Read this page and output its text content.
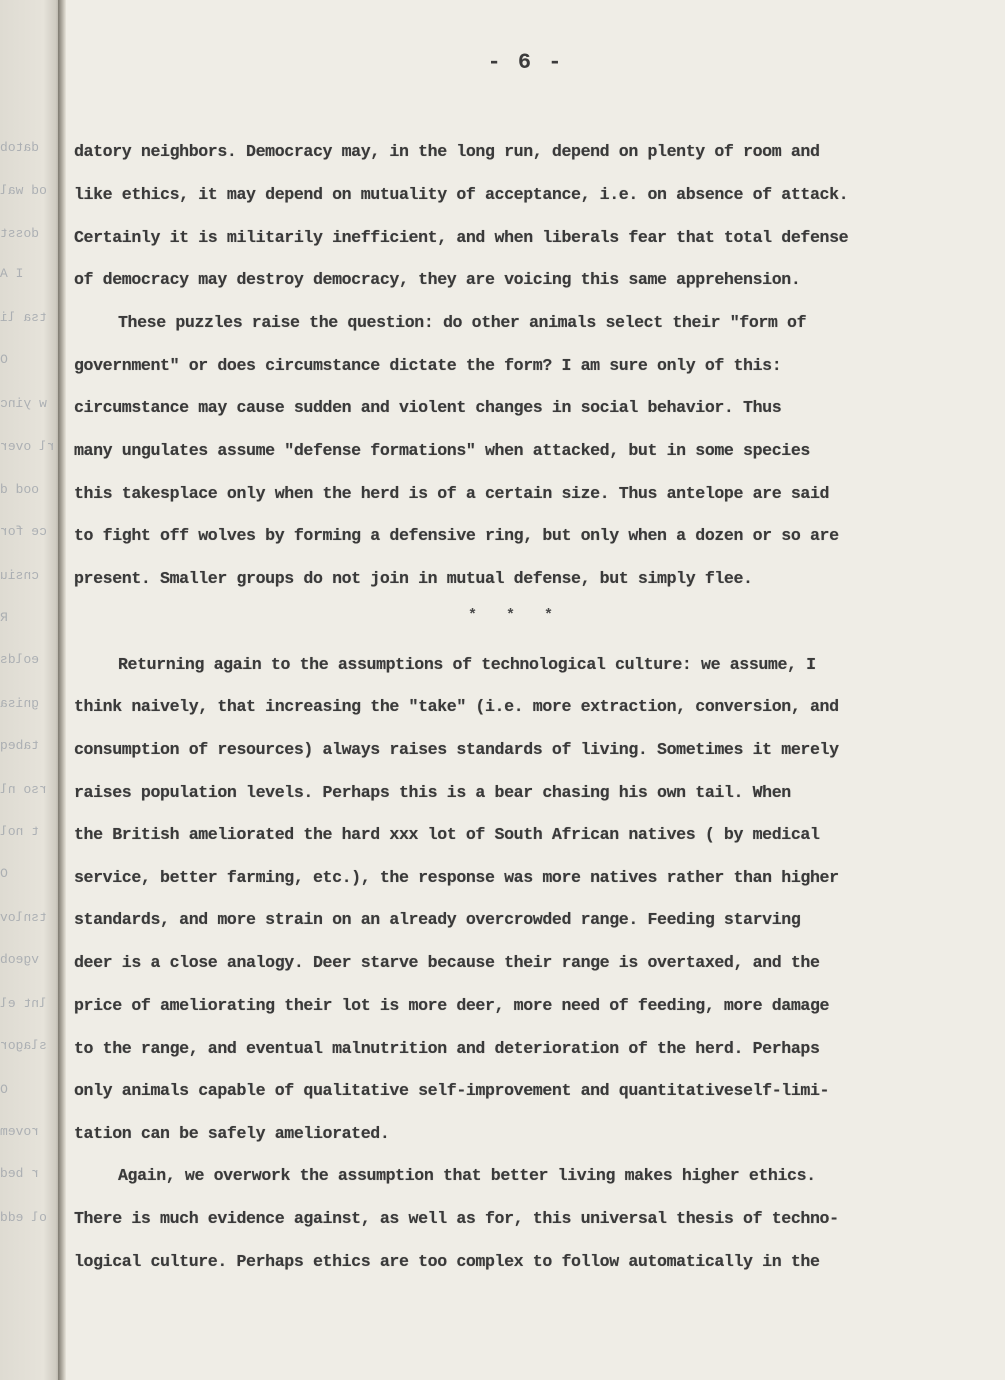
datob
od wal
dosst
I A
tsa li
O
w yinc
rl over
ood d
ce for
cnsiu
R
eolds
gnisa
tabeq
rso nl
t nol
O
tsnlov
vgeob
lnt el
slagor
O
rovem
r bed
ol edd
- 6 -
datory neighbors. Democracy may, in the long run, depend on plenty of room and
like ethics, it may depend on mutuality of acceptance, i.e. on absence of attack.
Certainly it is militarily inefficient, and when liberals fear that total defense
of democracy may destroy democracy, they are voicing this same apprehension.
These puzzles raise the question: do other animals select their "form of
government" or does circumstance dictate the form? I am sure only of this:
circumstance may cause sudden and violent changes in social behavior. Thus
many ungulates assume "defense formations" when attacked, but in some species
this takesplace only when the herd is of a certain size. Thus antelope are said
to fight off wolves by forming a defensive ring, but only when a dozen or so are
present. Smaller groups do not join in mutual defense, but simply flee.
* * *
Returning again to the assumptions of technological culture: we assume, I
think naively, that increasing the "take" (i.e. more extraction, conversion, and
consumption of resources) always raises standards of living. Sometimes it merely
raises population levels. Perhaps this is a bear chasing his own tail. When
the British ameliorated the hard xxx lot of South African natives ( by medical
service, better farming, etc.), the response was more natives rather than higher
standards, and more strain on an already overcrowded range. Feeding starving
deer is a close analogy. Deer starve because their range is overtaxed, and the
price of ameliorating their lot is more deer, more need of feeding, more damage
to the range, and eventual malnutrition and deterioration of the herd. Perhaps
only animals capable of qualitative self-improvement and quantitativeself-limi-
tation can be safely ameliorated.
Again, we overwork the assumption that better living makes higher ethics.
There is much evidence against, as well as for, this universal thesis of techno-
logical culture. Perhaps ethics are too complex to follow automatically in the
